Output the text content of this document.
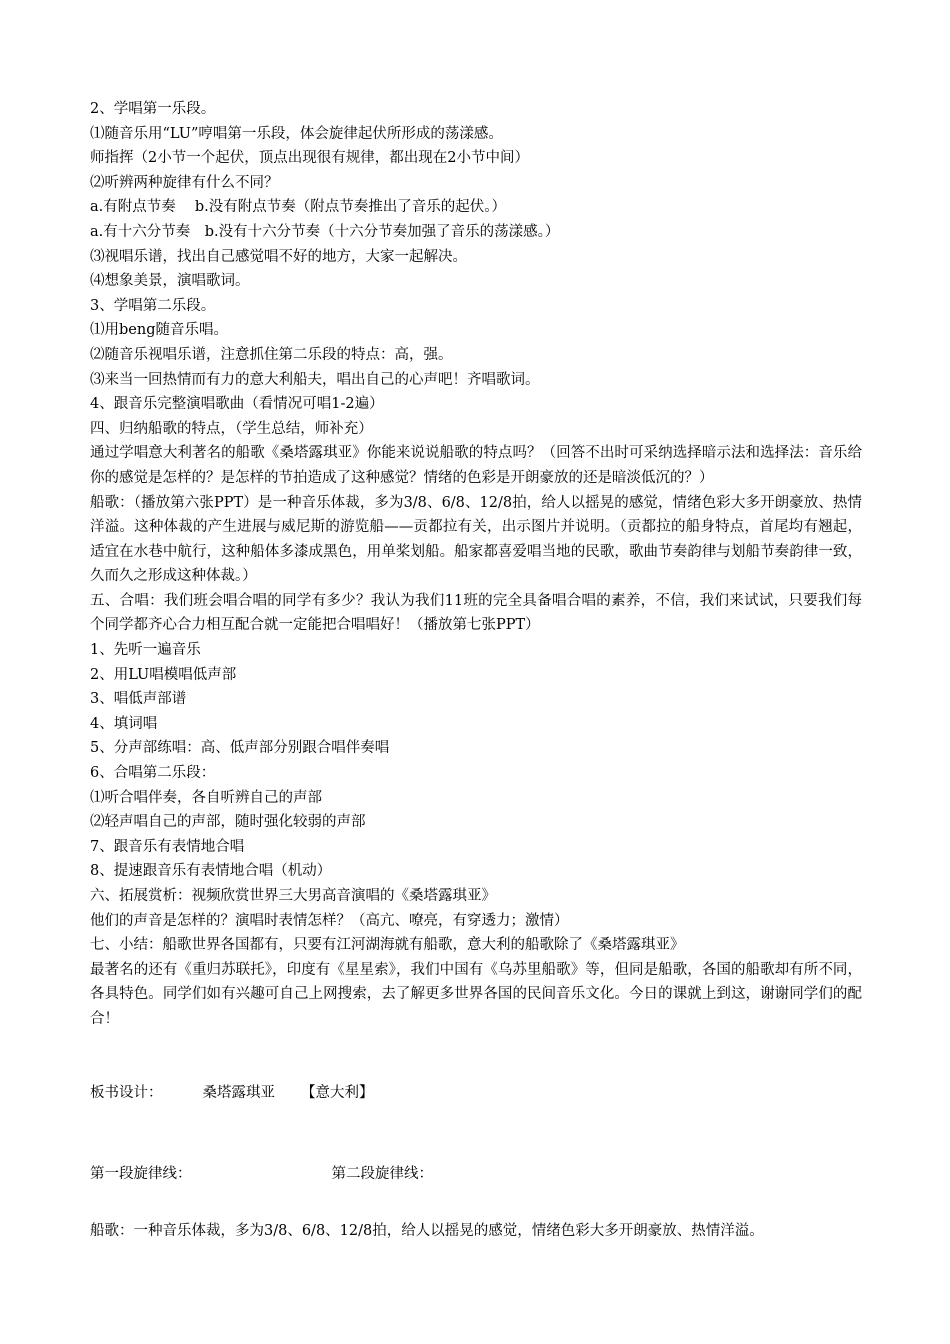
2、学唱第一乐段。
⑴随音乐用“LU”哼唱第一乐段，体会旋律起伏所形成的荡漾感。
师指挥（2小节一个起伏，顶点出现很有规律，都出现在2小节中间）
⑵听辨两种旋律有什么不同？
a.有附点节奏　 b.没有附点节奏（附点节奏推出了音乐的起伏。）
a.有十六分节奏　b.没有十六分节奏（十六分节奏加强了音乐的荡漾感。）
⑶视唱乐谱，找出自己感觉唱不好的地方，大家一起解决。
⑷想象美景，演唱歌词。
3、学唱第二乐段。
⑴用beng随音乐唱。
⑵随音乐视唱乐谱，注意抓住第二乐段的特点：高，强。
⑶来当一回热情而有力的意大利船夫，唱出自己的心声吧！齐唱歌词。
4、跟音乐完整演唱歌曲（看情况可唱1-2遍）
四、归纳船歌的特点，（学生总结，师补充）
通过学唱意大利著名的船歌《桑塔露琪亚》你能来说说船歌的特点吗？（回答不出时可采纳选择暗示法和选择法：音乐给你的感觉是怎样的？是怎样的节拍造成了这种感觉？情绪的色彩是开朗豪放的还是暗淡低沉的？）
船歌：（播放第六张PPT）是一种音乐体裁，多为3/8、6/8、12/8拍，给人以摇晃的感觉，情绪色彩大多开朗豪放、热情洋溢。这种体裁的产生进展与威尼斯的游览船——贡都拉有关，出示图片并说明。（贡都拉的船身特点，首尾均有翘起，适宜在水巷中航行，这种船体多漆成黑色，用单桨划船。船家都喜爱唱当地的民歌，歌曲节奏韵律与划船节奏韵律一致，久而久之形成这种体裁。）
五、合唱：我们班会唱合唱的同学有多少？我认为我们11班的完全具备唱合唱的素养，不信，我们来试试，只要我们每个同学都齐心合力相互配合就一定能把合唱唱好！（播放第七张PPT）
1、先听一遍音乐
2、用LU唱模唱低声部
3、唱低声部谱
4、填词唱
5、分声部练唱：高、低声部分别跟合唱伴奏唱
6、合唱第二乐段：
⑴听合唱伴奏，各自听辨自己的声部
⑵轻声唱自己的声部，随时强化较弱的声部
7、跟音乐有表情地合唱
8、提速跟音乐有表情地合唱（机动）
六、拓展赏析：视频欣赏世界三大男高音演唱的《桑塔露琪亚》
他们的声音是怎样的？演唱时表情怎样？（高亢、嘹亮，有穿透力；激情）
七、小结：船歌世界各国都有，只要有江河湖海就有船歌，意大利的船歌除了《桑塔露琪亚》
最著名的还有《重归苏联托》，印度有《星星索》，我们中国有《乌苏里船歌》等，但同是船歌，各国的船歌却有所不同，各具特色。同学们如有兴趣可自己上网搜索，去了解更多世界各国的民间音乐文化。今日的课就上到这，谢谢同学们的配合！
板书设计：	桑塔露琪亚 【意大利】
第一段旋律线：	第二段旋律线：
船歌：一种音乐体裁，多为3/8、6/8、12/8拍，给人以摇晃的感觉，情绪色彩大多开朗豪放、热情洋溢。
